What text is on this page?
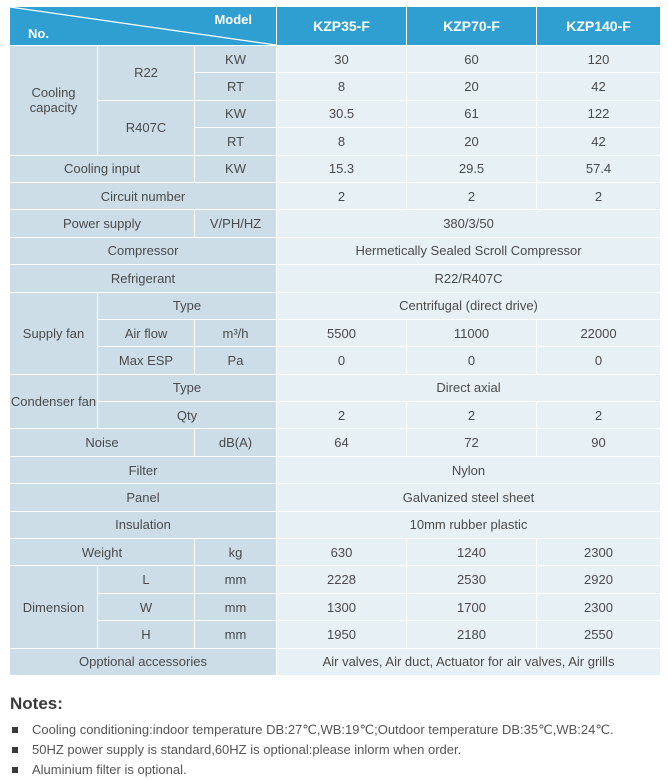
Model
No.			KZP35-F	KZP70-F	KZP140-F
Cooling capacity	R22	KW	30	60	120
		RT	8	20	42
	R407C	KW	30.5	61	122
		RT	8	20	42
Cooling input		KW	15.3	29.5	57.4
Circuit number			2	2	2
Power supply		V/PH/HZ	380/3/50		
Compressor			Hermetically Sealed Scroll Compressor		
Refrigerant			R22/R407C		
Supply fan	Type		Centrifugal (direct drive)		
	Air flow	m³/h	5500	11000	22000
	Max ESP	Pa	0	0	0
Condenser fan	Type		Direct axial		
	Qty		2	2	2
Noise		dB(A)	64	72	90
Filter			Nylon		
Panel			Galvanized steel sheet		
Insulation			10mm rubber plastic		
Weight		kg	630	1240	2300
Dimension	L	mm	2228	2530	2920
	W	mm	1300	1700	2300
	H	mm	1950	2180	2550
Opptional accessories			Air valves, Air duct, Actuator for air valves, Air grills		
Notes:
Cooling conditioning:indoor temperature DB:27℃,WB:19℃;Outdoor temperature DB:35℃,WB:24℃.
50HZ power supply is standard,60HZ is optional:please inlorm when order.
Aluminium filter is optional.
